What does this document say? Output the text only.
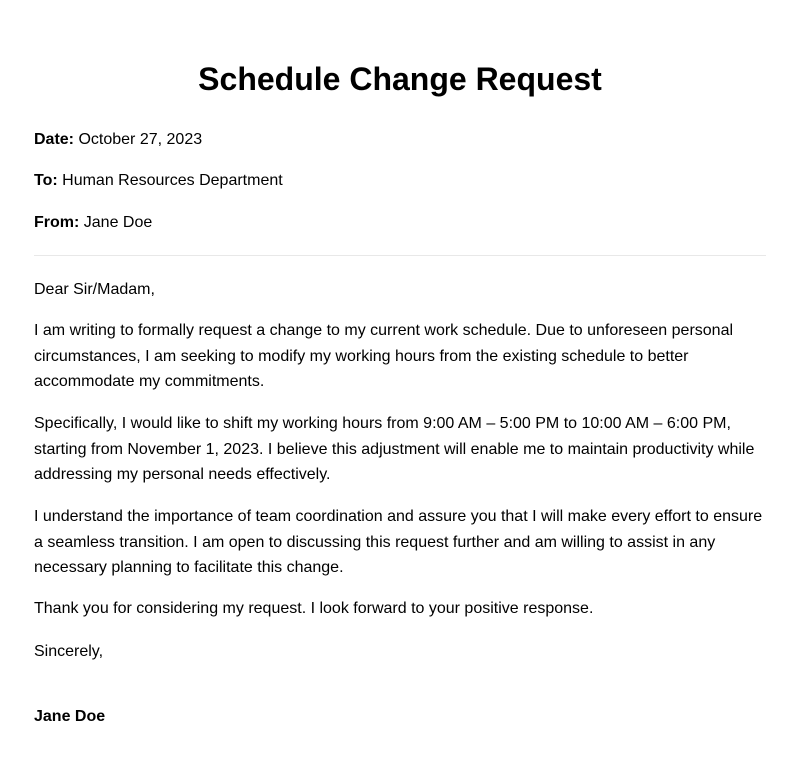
Schedule Change Request
Date: October 27, 2023
To: Human Resources Department
From: Jane Doe

Dear Sir/Madam,

I am writing to formally request a change to my current work schedule. Due to unforeseen personal circumstances, I am seeking to modify my working hours from the existing schedule to better accommodate my commitments.

Specifically, I would like to shift my working hours from 9:00 AM – 5:00 PM to 10:00 AM – 6:00 PM, starting from November 1, 2023. I believe this adjustment will enable me to maintain productivity while addressing my personal needs effectively.

I understand the importance of team coordination and assure you that I will make every effort to ensure a seamless transition. I am open to discussing this request further and am willing to assist in any necessary planning to facilitate this change.

Thank you for considering my request. I look forward to your positive response.

Sincerely,

Jane Doe
